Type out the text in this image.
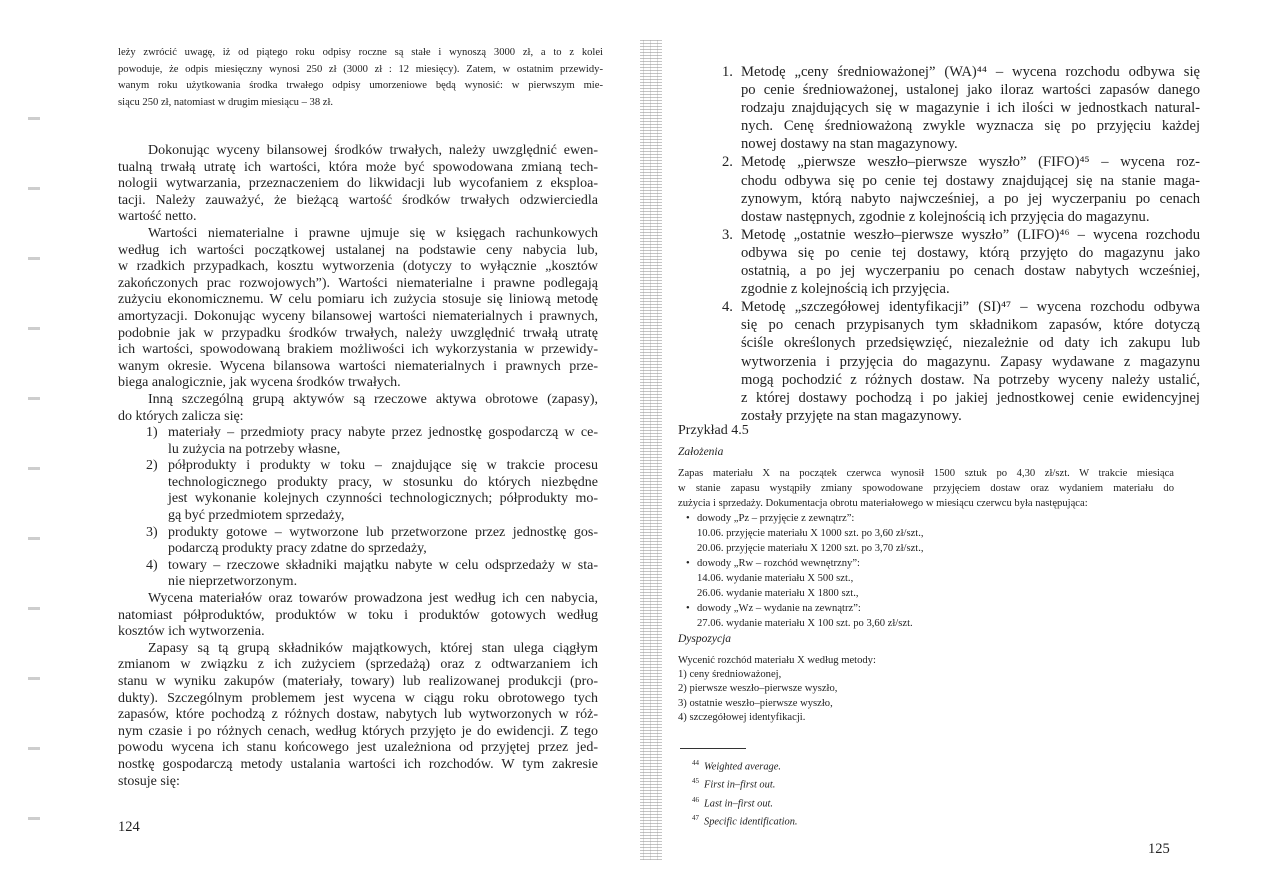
leży zwrócić uwagę, iż od piątego roku odpisy roczne są stałe i wynoszą 3000 zł, a to z kolei
powoduje, że odpis miesięczny wynosi 250 zł (3000 zł : 12 miesięcy). Zatem, w ostatnim przewidy-
wanym roku użytkowania środka trwałego odpisy umorzeniowe będą wynosić: w pierwszym mie-
siącu 250 zł, natomiast w drugim miesiącu – 38 zł.
Dokonując wyceny bilansowej środków trwałych, należy uwzględnić ewen-
tualną trwałą utratę ich wartości, która może być spowodowana zmianą tech-
nologii wytwarzania, przeznaczeniem do likwidacji lub wycofaniem z eksploa-
tacji. Należy zauważyć, że bieżącą wartość środków trwałych odzwierciedla
wartość netto.
Wartości niematerialne i prawne ujmuje się w księgach rachunkowych
według ich wartości początkowej ustalanej na podstawie ceny nabycia lub,
w rzadkich przypadkach, kosztu wytworzenia (dotyczy to wyłącznie „kosztów
zakończonych prac rozwojowych”). Wartości niematerialne i prawne podlegają
zużyciu ekonomicznemu. W celu pomiaru ich zużycia stosuje się liniową metodę
amortyzacji. Dokonując wyceny bilansowej wartości niematerialnych i prawnych,
podobnie jak w przypadku środków trwałych, należy uwzględnić trwałą utratę
ich wartości, spowodowaną brakiem możliwości ich wykorzystania w przewidy-
wanym okresie. Wycena bilansowa wartości niematerialnych i prawnych prze-
biega analogicznie, jak wycena środków trwałych.
Inną szczególną grupą aktywów są rzeczowe aktywa obrotowe (zapasy),
do których zalicza się:
1) materiały – przedmioty pracy nabyte przez jednostkę gospodarczą w ce-
lu zużycia na potrzeby własne,
2) półprodukty i produkty w toku – znajdujące się w trakcie procesu
technologicznego produkty pracy, w stosunku do których niezbędne
jest wykonanie kolejnych czynności technologicznych; półprodukty mo-
gą być przedmiotem sprzedaży,
3) produkty gotowe – wytworzone lub przetworzone przez jednostkę gos-
podarczą produkty pracy zdatne do sprzedaży,
4) towary – rzeczowe składniki majątku nabyte w celu odsprzedaży w sta-
nie nieprzetworzonym.
Wycena materiałów oraz towarów prowadzona jest według ich cen nabycia,
natomiast półproduktów, produktów w toku i produktów gotowych według
kosztów ich wytworzenia.
Zapasy są tą grupą składników majątkowych, której stan ulega ciągłym
zmianom w związku z ich zużyciem (sprzedażą) oraz z odtwarzaniem ich
stanu w wyniku zakupów (materiały, towary) lub realizowanej produkcji (pro-
dukty). Szczególnym problemem jest wycena w ciągu roku obrotowego tych
zapasów, które pochodzą z różnych dostaw, nabytych lub wytworzonych w róż-
nym czasie i po różnych cenach, według których przyjęto je do ewidencji. Z tego
powodu wycena ich stanu końcowego jest uzależniona od przyjętej przez jed-
nostkę gospodarczą metody ustalania wartości ich rozchodów. W tym zakresie
stosuje się:
124
1. Metodę „ceny średnioważonej” (WA)⁴⁴ – wycena rozchodu odbywa się
po cenie średnioważonej, ustalonej jako iloraz wartości zapasów danego
rodzaju znajdujących się w magazynie i ich ilości w jednostkach natural-
nych. Cenę średnioważoną zwykle wyznacza się po przyjęciu każdej
nowej dostawy na stan magazynowy.
2. Metodę „pierwsze weszło–pierwsze wyszło” (FIFO)⁴⁵ – wycena roz-
chodu odbywa się po cenie tej dostawy znajdującej się na stanie maga-
zynowym, którą nabyto najwcześniej, a po jej wyczerpaniu po cenach
dostaw następnych, zgodnie z kolejnością ich przyjęcia do magazynu.
3. Metodę „ostatnie weszło–pierwsze wyszło” (LIFO)⁴⁶ – wycena rozchodu
odbywa się po cenie tej dostawy, którą przyjęto do magazynu jako
ostatnią, a po jej wyczerpaniu po cenach dostaw nabytych wcześniej,
zgodnie z kolejnością ich przyjęcia.
4. Metodę „szczegółowej identyfikacji” (SI)⁴⁷ – wycena rozchodu odbywa
się po cenach przypisanych tym składnikom zapasów, które dotyczą
ściśle określonych przedsięwzięć, niezależnie od daty ich zakupu lub
wytworzenia i przyjęcia do magazynu. Zapasy wydawane z magazynu
mogą pochodzić z różnych dostaw. Na potrzeby wyceny należy ustalić,
z której dostawy pochodzą i po jakiej jednostkowej cenie ewidencyjnej
zostały przyjęte na stan magazynowy.
Przykład 4.5
Założenia
Zapas materiału X na początek czerwca wynosił 1500 sztuk po 4,30 zł/szt. W trakcie miesiąca
w stanie zapasu wystąpiły zmiany spowodowane przyjęciem dostaw oraz wydaniem materiału do
zużycia i sprzedaży. Dokumentacja obrotu materiałowego w miesiącu czerwcu była następująca:
• dowody „Pz – przyjęcie z zewnątrz”:
10.06. przyjęcie materiału X 1000 szt. po 3,60 zł/szt.,
20.06. przyjęcie materiału X 1200 szt. po 3,70 zł/szt.,
• dowody „Rw – rozchód wewnętrzny”:
14.06. wydanie materiału X 500 szt.,
26.06. wydanie materiału X 1800 szt.,
• dowody „Wz – wydanie na zewnątrz”:
27.06. wydanie materiału X 100 szt. po 3,60 zł/szt.
Dyspozycja
Wycenić rozchód materiału X według metody:
1) ceny średnioważonej,
2) pierwsze weszło–pierwsze wyszło,
3) ostatnie weszło–pierwsze wyszło,
4) szczegółowej identyfikacji.
$^{44}$ Weighted average.
$^{45}$ First in–first out.
$^{46}$ Last in–first out.
$^{47}$ Specific identification.
125
